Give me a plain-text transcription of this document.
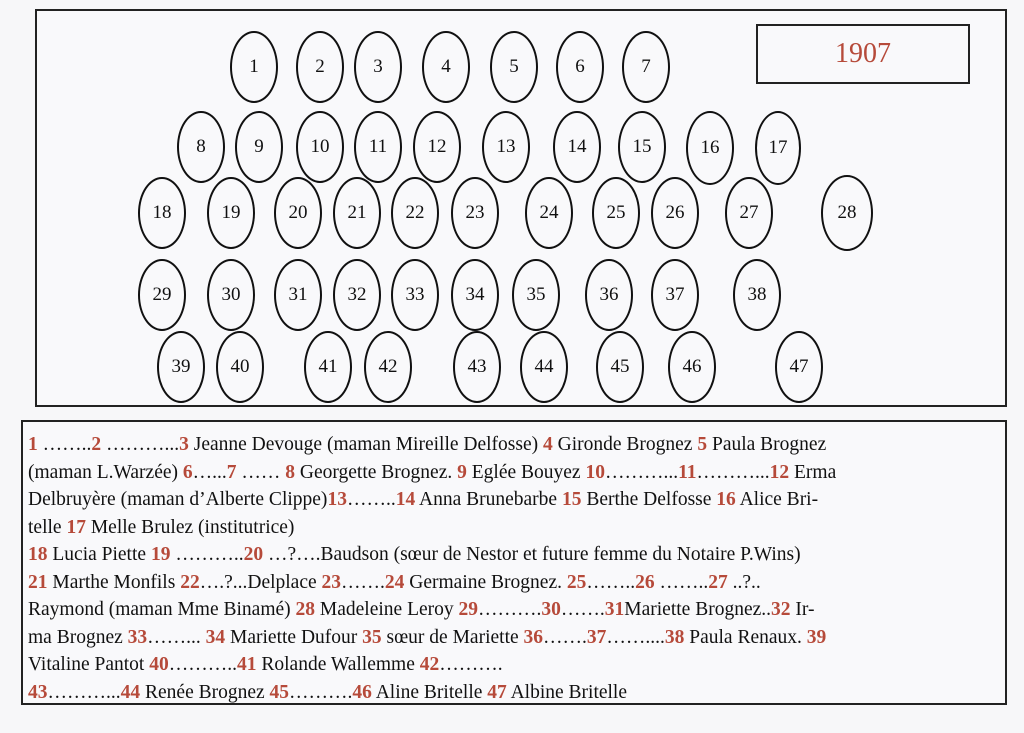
1	2	3	4	5	6	7
8	9	10	11	12	13	14	15	16	17
18	19	20	21	22	23	24	25	26	27	28
29	30	31	32	33	34	35	36	37	38
39	40	41	42	43	44	45	46	47
1907

1 ……..2 ………...3 Jeanne Devouge (maman Mireille Delfosse) 4 Gironde Brognez 5 Paula Brognez

(maman L.Warzée) 6…...7 …… 8 Georgette Brognez. 9 Eglée Bouyez 10………...11………...12 Erma

Delbruyère (maman d’Alberte Clippe)13……..14 Anna Brunebarbe 15 Berthe Delfosse 16 Alice Bri-

telle 17 Melle Brulez (institutrice)

18 Lucia Piette 19 ………..20 …?….Baudson (sœur de Nestor et future femme du Notaire P.Wins)

21 Marthe Monfils 22….?...Delplace 23…….24 Germaine Brognez. 25……..26 ……..27 ..?..

Raymond (maman Mme Binamé) 28 Madeleine Leroy 29……….30…….31Mariette Brognez..32 Ir-

ma Brognez 33……... 34 Mariette Dufour 35 sœur de Mariette 36…….37……....38 Paula Renaux. 39

Vitaline Pantot 40………..41 Rolande Wallemme 42……….

43………...44 Renée Brognez 45……….46 Aline Britelle 47 Albine Britelle
